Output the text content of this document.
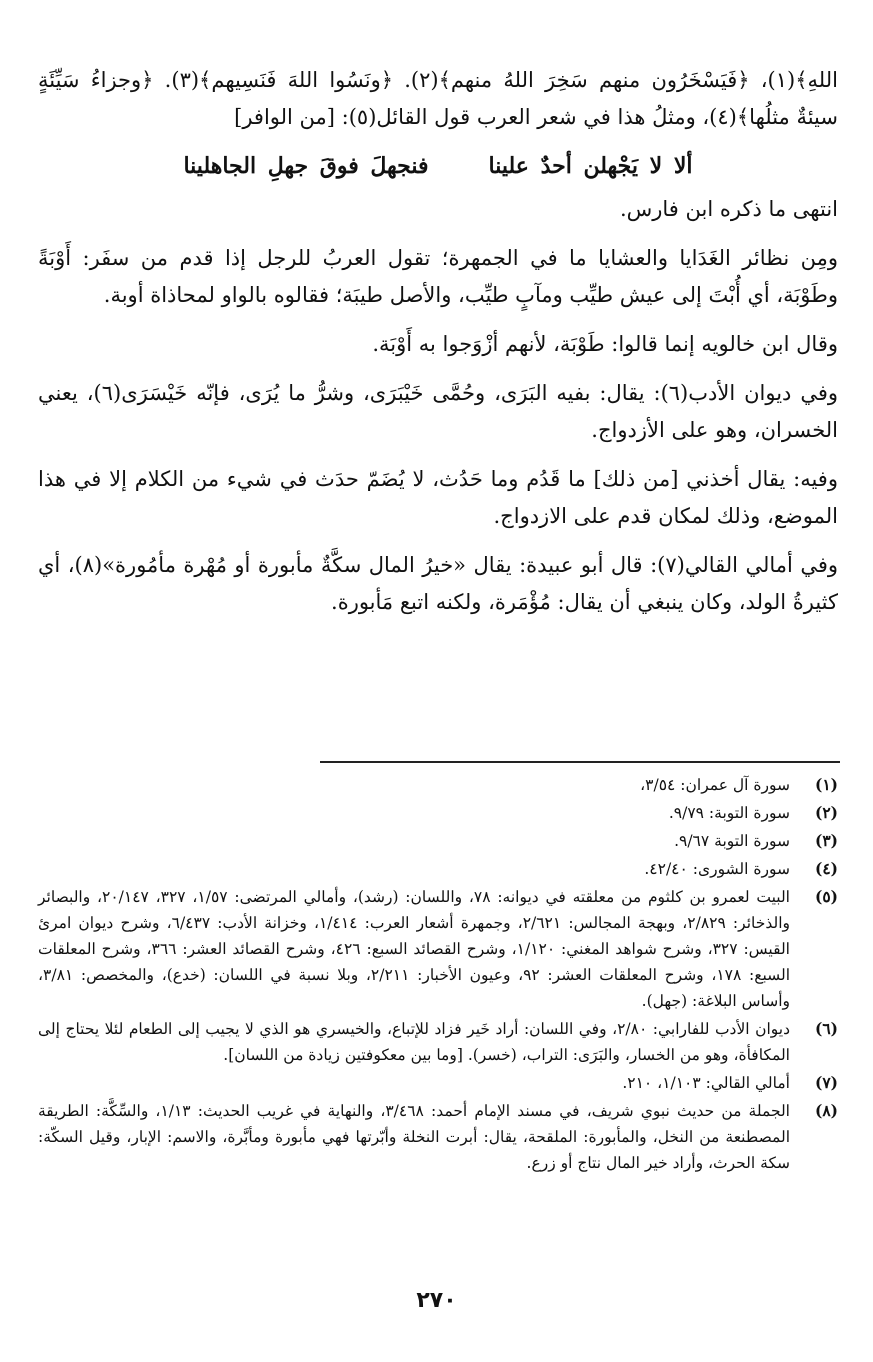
اللهِ﴾(١)، ﴿فَيَسْخَرُون منهم سَخِرَ اللهُ منهم﴾(٢). ﴿ونَسُوا اللهَ فَنَسِيهم﴾(٣). ﴿وجزاءُ سَيِّئَةٍ سيئةٌ مثلُها﴾(٤)، ومثلُ هذا في شعر العرب قول القائل(٥): [من الوافر]

ألا لا يَجْهلن أحدٌ علينا
فنجهلَ فوقَ جهلِ الجاهلينا

انتهى ما ذكره ابن فارس.

ومِن نظائر الغَدَايا والعشايا ما في الجمهرة؛ تقول العربُ للرجل إذا قدم من سفَر: أَوْبَةً وطَوْبَة، أي أُبْتَ إلى عيش طيِّب ومآبٍ طيِّب، والأصل طيبَة؛ فقالوه بالواو لمحاذاة أوبة.

وقال ابن خالويه إنما قالوا: طَوْبَة، لأنهم أزْوَجوا به أَوْبَة.

وفي ديوان الأدب(٦): يقال: بفيه البَرَى، وحُمَّى خَيْبَرَى، وشرُّ ما يُرَى، فإنّه خَيْسَرَى(٦)، يعني الخسران، وهو على الأزدواج.

وفيه: يقال أخذني [من ذلك] ما قَدُم وما حَدُث، لا يُضَمّ حدَث في شيء من الكلام إلا في هذا الموضع، وذلك لمكان قدم على الازدواج.

وفي أمالي القالي(٧): قال أبو عبيدة: يقال «خيرُ المال سكَّةٌ مأبورة أو مُهْرة مأمُورة»(٨)، أي كثيرةُ الولد، وكان ينبغي أن يقال: مُؤْمَرة، ولكنه اتبع مَأبورة.

(١)
سورة آل عمران: ٣/٥٤،
(٢)
سورة التوبة: ٩/٧٩.
(٣)
سورة التوبة ٩/٦٧.
(٤)
سورة الشورى: ٤٢/٤٠.
(٥)
البيت لعمرو بن كلثوم من معلقته في ديوانه: ٧٨، واللسان: (رشد)، وأمالي المرتضى: ١/٥٧، ٣٢٧، ٢٠/١٤٧، والبصائر والذخائر: ٢/٨٢٩، وبهجة المجالس: ٢/٦٢١، وجمهرة أشعار العرب: ١/٤١٤، وخزانة الأدب: ٦/٤٣٧، وشرح ديوان امرئ القيس: ٣٢٧، وشرح شواهد المغني: ١/١٢٠، وشرح القصائد السبع: ٤٢٦، وشرح القصائد العشر: ٣٦٦، وشرح المعلقات السبع: ١٧٨، وشرح المعلقات العشر: ٩٢، وعيون الأخبار: ٢/٢١١، وبلا نسبة في اللسان: (خدع)، والمخصص: ٣/٨١، وأساس البلاغة: (جهل).
(٦)
ديوان الأدب للفارابي: ٢/٨٠، وفي اللسان: أراد خَير فزاد للإتباع، والخيسري هو الذي لا يجيب إلى الطعام لئلا يحتاج إلى المكافأة، وهو من الخسار، والبَرَى: التراب، (خسر). [وما بين معكوفتين زيادة من اللسان].
(٧)
أمالي القالي: ١/١٠٣، ٢١٠.
(٨)
الجملة من حديث نبوي شريف، في مسند الإمام أحمد: ٣/٤٦٨، والنهاية في غريب الحديث: ١/١٣، والسِّكَّة: الطريقة المصطنعة من النخل، والمأبورة: الملقحة، يقال: أبرت النخلة وأبّرتها فهي مأبورة ومأبَّرة، والاسم: الإبار، وقيل السكّة: سكة الحرث، وأراد خير المال نتاج أو زرع.
٢٧٠
